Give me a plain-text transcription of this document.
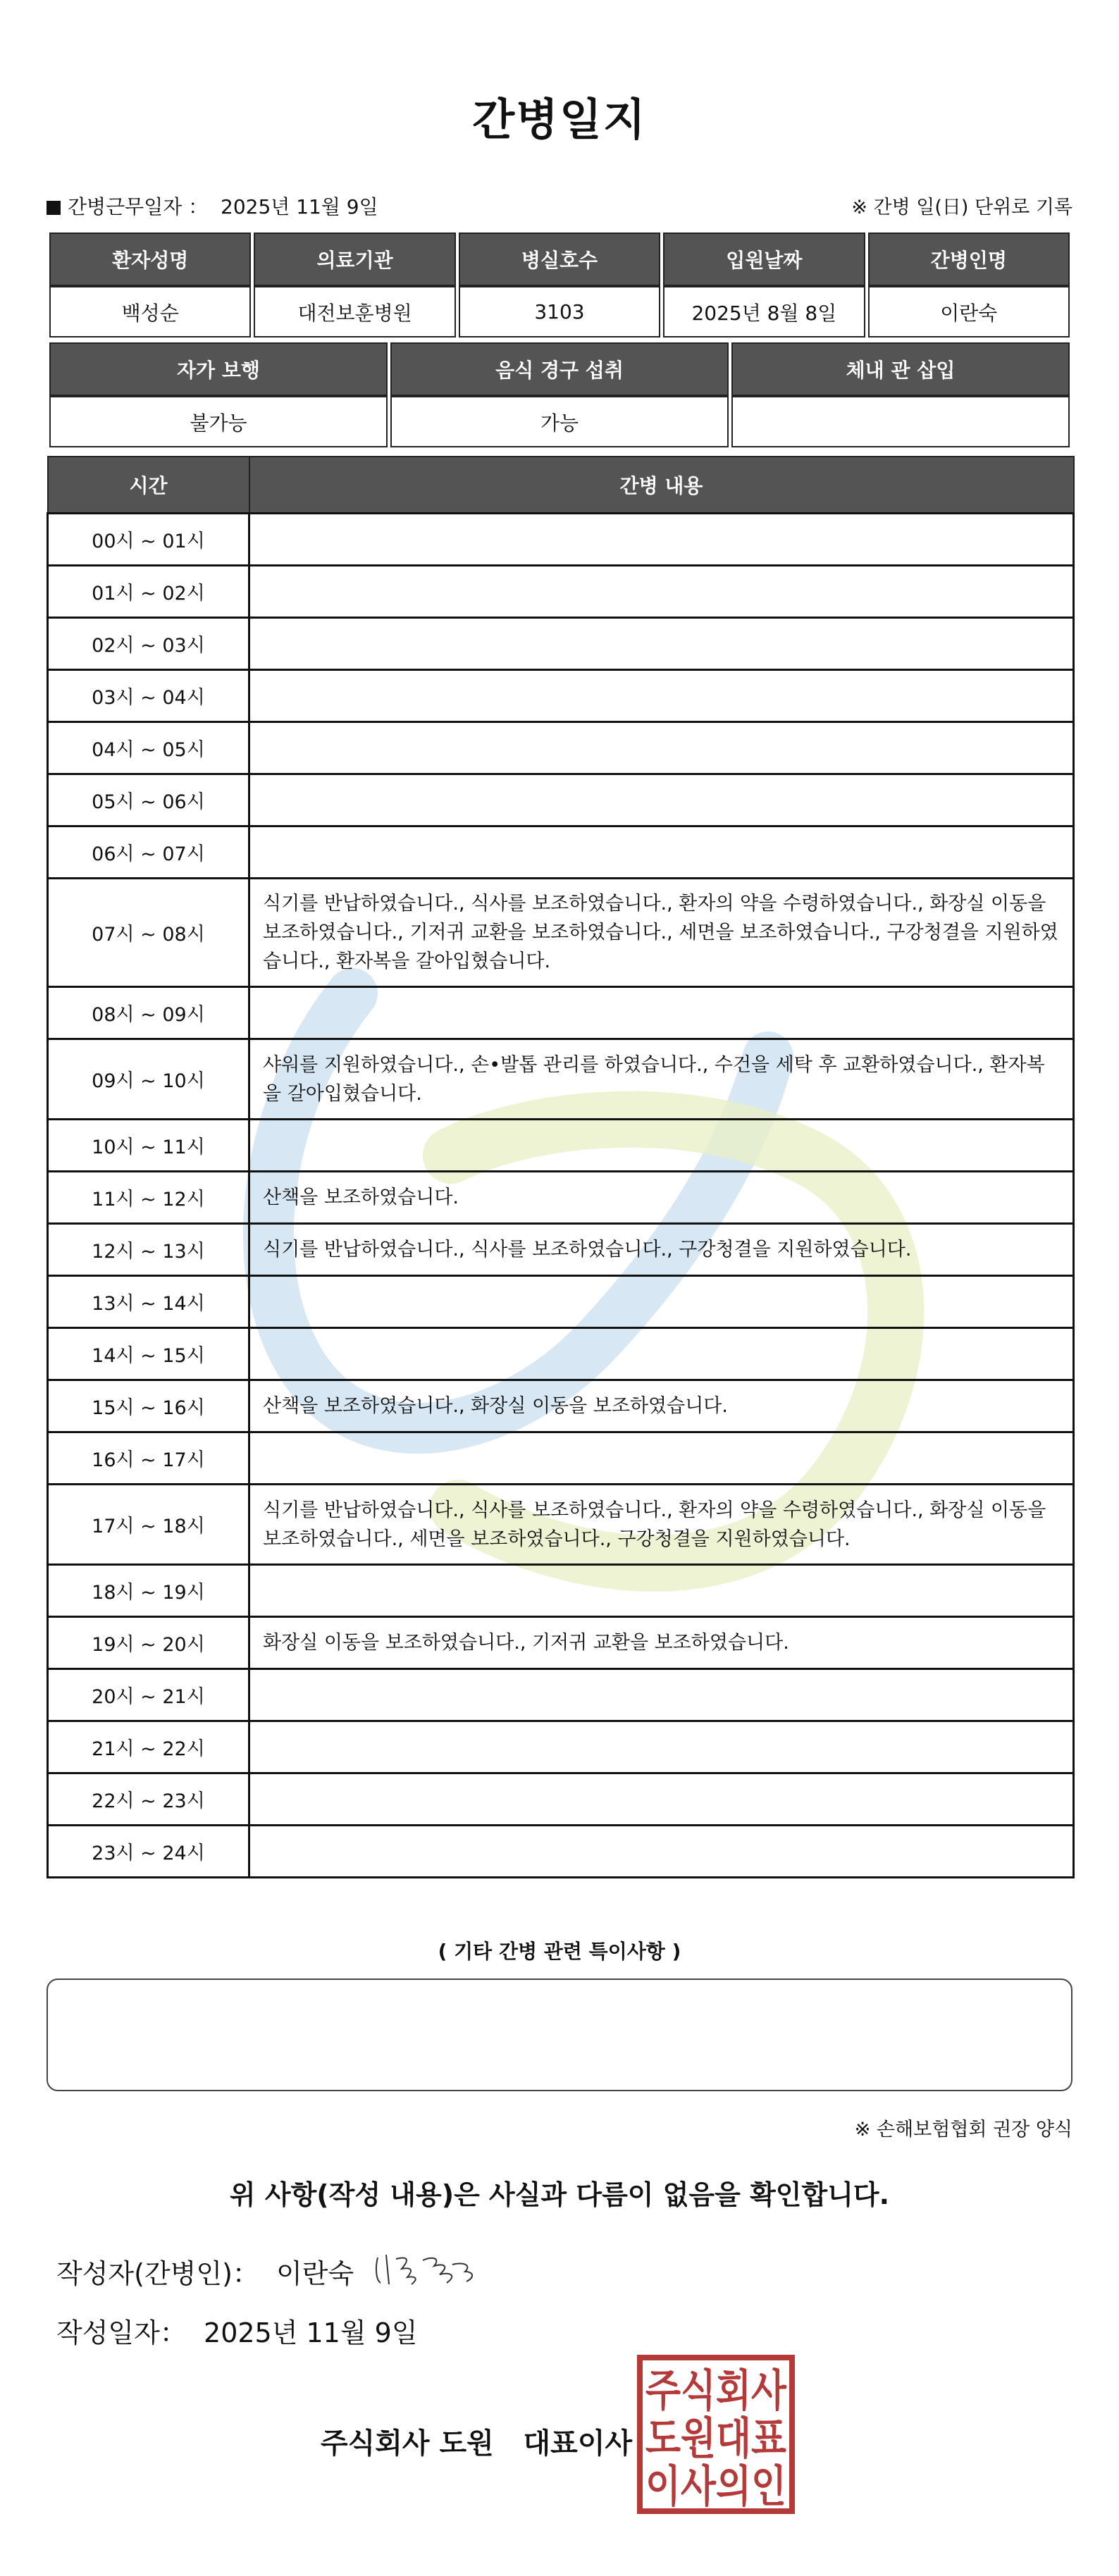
간병일지
간병근무일자 ： 2025년 11월 9일	※ 간병 일(日) 단위로 기록
환자성명	의료기관	병실호수	입원날짜	간병인명
백성순	대전보훈병원	3103	2025년 8월 8일	이란숙
자가 보행	음식 경구 섭취	체내 관 삽입
불가능	가능	
시간	간병 내용
00시 ~ 01시	
01시 ~ 02시	
02시 ~ 03시	
03시 ~ 04시	
04시 ~ 05시	
05시 ~ 06시	
06시 ~ 07시	
07시 ~ 08시	식기를 반납하였습니다., 식사를 보조하였습니다., 환자의 약을 수령하였습니다., 화장실 이동을 보조하였습니다., 기저귀 교환을 보조하였습니다., 세면을 보조하였습니다., 구강청결을 지원하였습니다., 환자복을 갈아입혔습니다.
08시 ~ 09시	
09시 ~ 10시	샤워를 지원하였습니다., 손•발톱 관리를 하였습니다., 수건을 세탁 후 교환하였습니다., 환자복을 갈아입혔습니다.
10시 ~ 11시	
11시 ~ 12시	산책을 보조하였습니다.
12시 ~ 13시	식기를 반납하였습니다., 식사를 보조하였습니다., 구강청결을 지원하였습니다.
13시 ~ 14시	
14시 ~ 15시	
15시 ~ 16시	산책을 보조하였습니다., 화장실 이동을 보조하였습니다.
16시 ~ 17시	
17시 ~ 18시	식기를 반납하였습니다., 식사를 보조하였습니다., 환자의 약을 수령하였습니다., 화장실 이동을 보조하였습니다., 세면을 보조하였습니다., 구강청결을 지원하였습니다.
18시 ~ 19시	
19시 ~ 20시	화장실 이동을 보조하였습니다., 기저귀 교환을 보조하였습니다.
20시 ~ 21시	
21시 ~ 22시	
22시 ~ 23시	
23시 ~ 24시	
( 기타 간병 관련 특이사항 )
※ 손해보험협회 권장 양식
위 사항(작성 내용)은 사실과 다름이 없음을 확인합니다.
작성자(간병인)： 이란숙
작성일자： 2025년 11월 9일
주식회사 도원   대표이사
주식회사
도원대표
이사의인
